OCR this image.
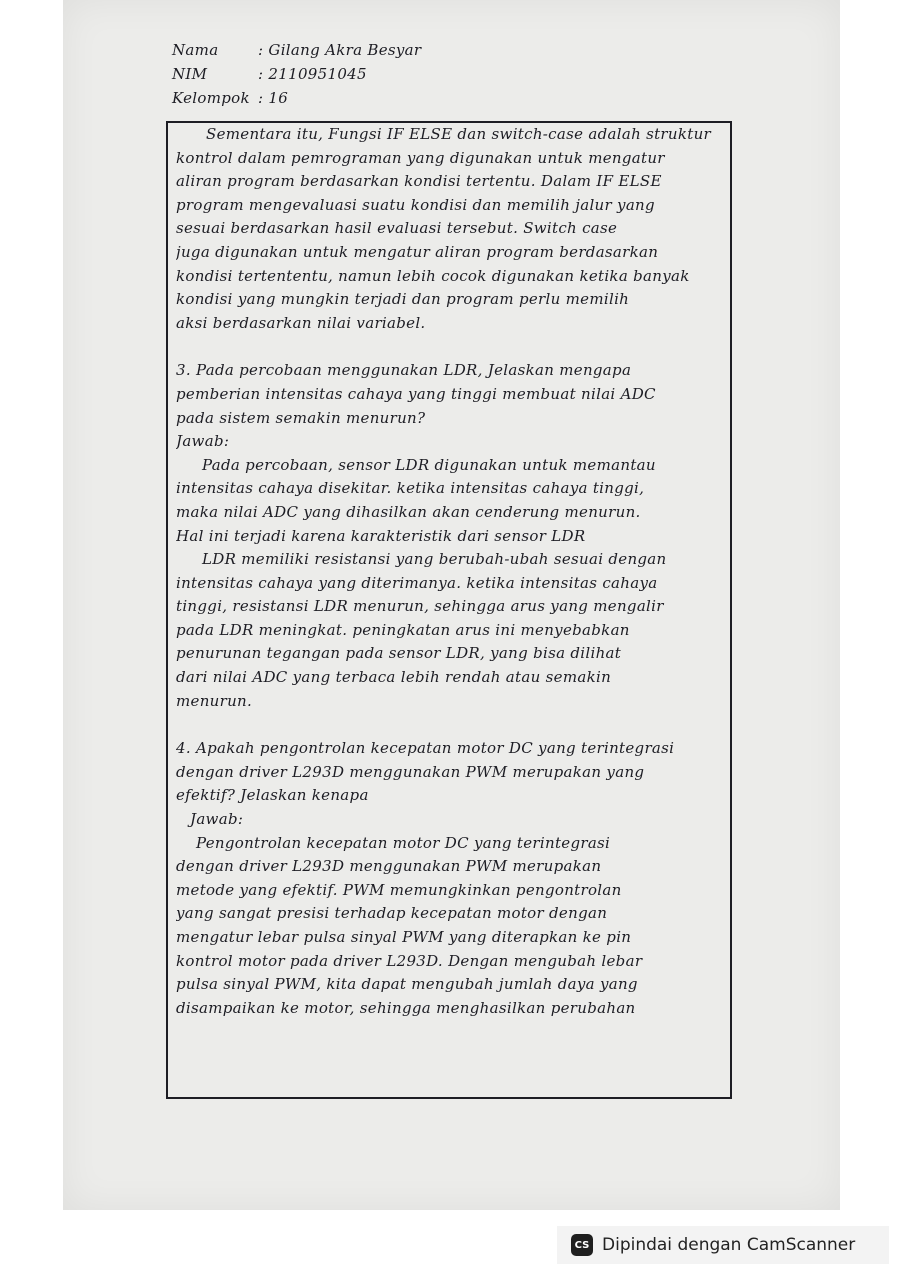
Nama	: Gilang Akra Besyar
NIM	: 2110951045
Kelompok : 16
Sementara itu, Fungsi IF ELSE dan switch-case adalah struktur
kontrol dalam pemrograman yang digunakan untuk mengatur
aliran program berdasarkan kondisi tertentu. Dalam IF ELSE
program mengevaluasi suatu kondisi dan memilih jalur yang
sesuai berdasarkan hasil evaluasi tersebut. Switch case
juga digunakan untuk mengatur aliran program berdasarkan
kondisi tertententu, namun lebih cocok digunakan ketika banyak
kondisi yang mungkin terjadi dan program perlu memilih
aksi berdasarkan nilai variabel.
3. Pada percobaan menggunakan LDR, Jelaskan mengapa
pemberian intensitas cahaya yang tinggi membuat nilai ADC
pada sistem semakin menurun?
Jawab:
Pada percobaan, sensor LDR digunakan untuk memantau
intensitas cahaya disekitar. ketika intensitas cahaya tinggi,
maka nilai ADC yang dihasilkan akan cenderung menurun.
Hal ini terjadi karena karakteristik dari sensor LDR
LDR memiliki resistansi yang berubah-ubah sesuai dengan
intensitas cahaya yang diterimanya. ketika intensitas cahaya
tinggi, resistansi LDR menurun, sehingga arus yang mengalir
pada LDR meningkat. peningkatan arus ini menyebabkan
penurunan tegangan pada sensor LDR, yang bisa dilihat
dari nilai ADC yang terbaca lebih rendah atau semakin
menurun.
4. Apakah pengontrolan kecepatan motor DC yang terintegrasi
dengan driver L293D menggunakan PWM merupakan yang
efektif? Jelaskan kenapa
Jawab:
Pengontrolan kecepatan motor DC yang terintegrasi
dengan driver L293D menggunakan PWM merupakan
metode yang efektif. PWM memungkinkan pengontrolan
yang sangat presisi terhadap kecepatan motor dengan
mengatur lebar pulsa sinyal PWM yang diterapkan ke pin
kontrol motor pada driver L293D. Dengan mengubah lebar
pulsa sinyal PWM, kita dapat mengubah jumlah daya yang
disampaikan ke motor, sehingga menghasilkan perubahan
CS Dipindai dengan CamScanner
